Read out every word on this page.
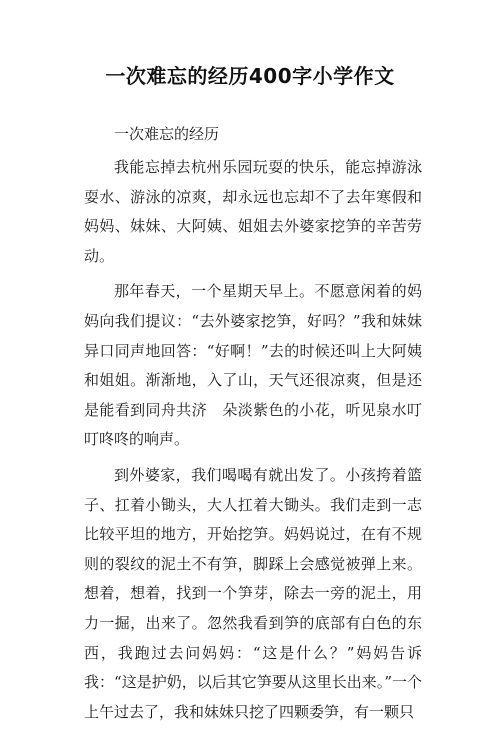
一次难忘的经历400字小学作文

一次难忘的经历

我能忘掉去杭州乐园玩耍的快乐，能忘掉游泳耍水、游泳的凉爽，却永远也忘却不了去年寒假和妈妈、妹妹、大阿姨、姐姐去外婆家挖笋的辛苦劳动。

那年春天，一个星期天早上。不愿意闲着的妈妈向我们提议：“去外婆家挖笋，好吗？”我和妹妹异口同声地回答：“好啊！”去的时候还叫上大阿姨和姐姐。渐渐地，入了山，天气还很凉爽，但是还是能看到同舟共济　朵淡紫色的小花，听见泉水叮叮咚咚的响声。

到外婆家，我们喝喝有就出发了。小孩挎着篮子、扛着小锄头，大人扛着大锄头。我们走到一志比较平坦的地方，开始挖笋。妈妈说过，在有不规则的裂纹的泥土不有笋，脚踩上会感觉被弹上来。想着，想着，找到一个笋芽，除去一旁的泥土，用力一掘，出来了。忽然我看到笋的底部有白色的东西，我跑过去问妈妈：“这是什么？”妈妈告诉我：“这是护奶，以后其它笋要从这里长出来。”一个上午过去了，我和妹妹只挖了四颗委笋，有一颗只
